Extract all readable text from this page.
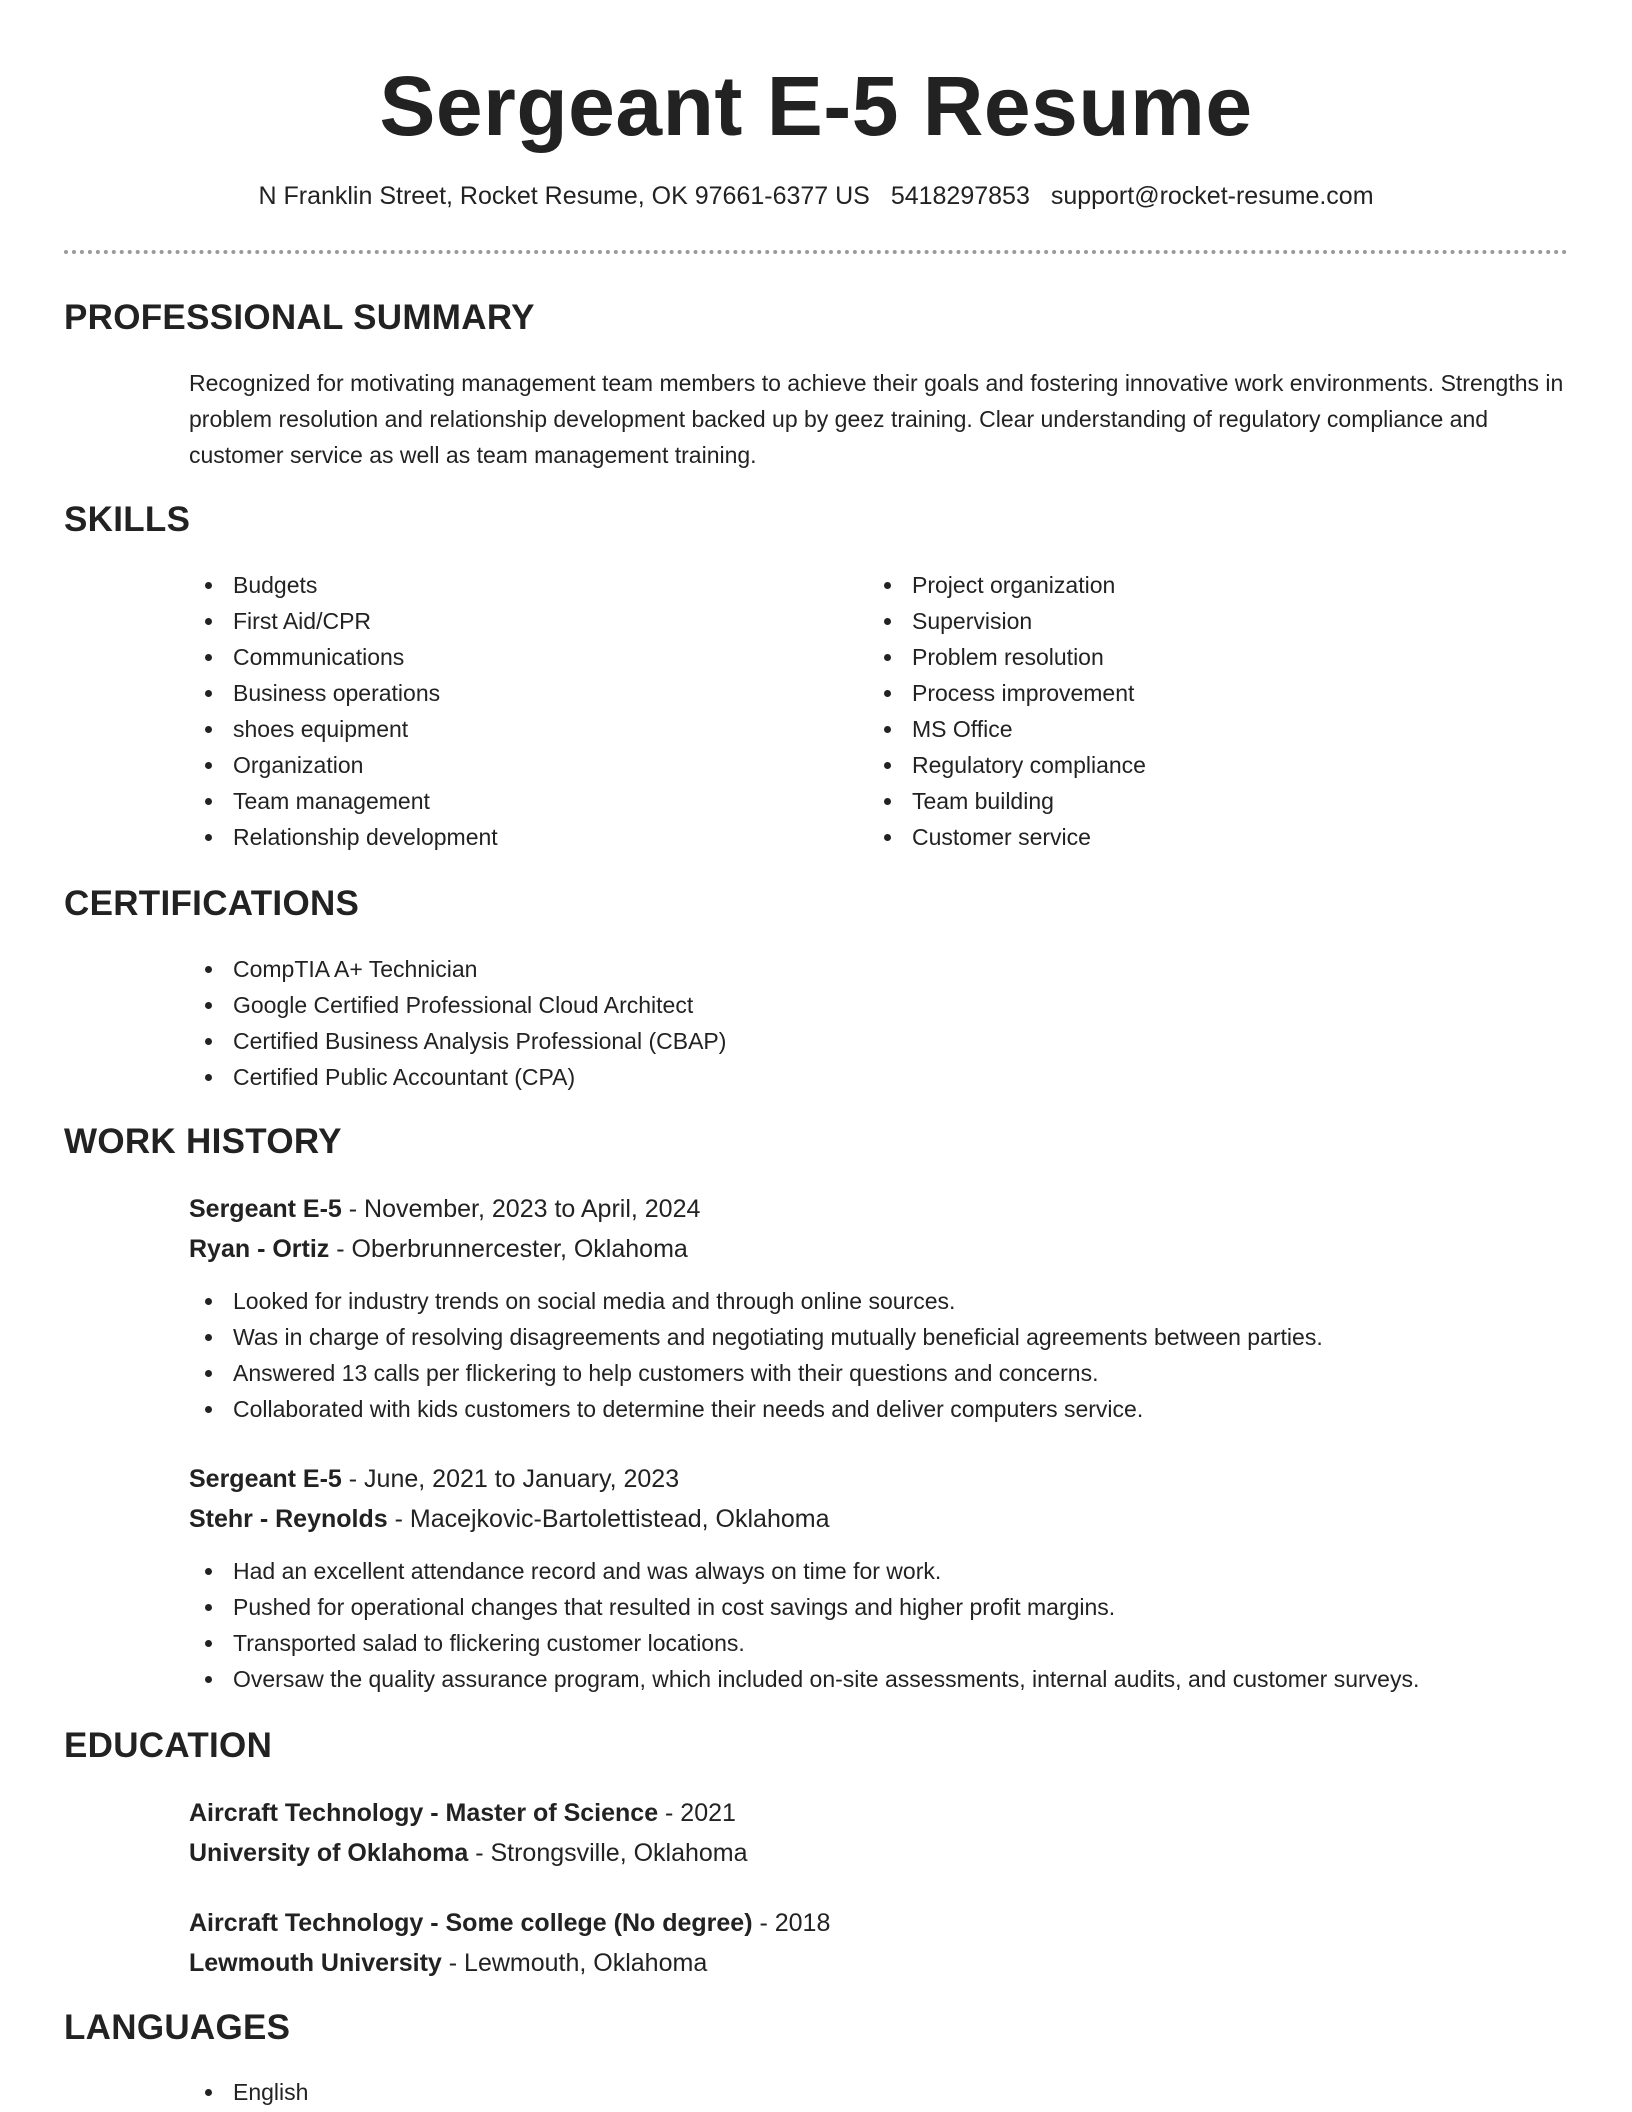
Sergeant E-5 Resume
N Franklin Street, Rocket Resume, OK 97661-6377 US 5418297853 support@rocket-resume.com
PROFESSIONAL SUMMARY
Recognized for motivating management team members to achieve their goals and fostering innovative work environments. Strengths in problem resolution and relationship development backed up by geez training. Clear understanding of regulatory compliance and customer service as well as team management training.
SKILLS
Budgets
First Aid/CPR
Communications
Business operations
shoes equipment
Organization
Team management
Relationship development
Project organization
Supervision
Problem resolution
Process improvement
MS Office
Regulatory compliance
Team building
Customer service
CERTIFICATIONS
CompTIA A+ Technician
Google Certified Professional Cloud Architect
Certified Business Analysis Professional (CBAP)
Certified Public Accountant (CPA)
WORK HISTORY
Sergeant E-5 - November, 2023 to April, 2024
Ryan - Ortiz - Oberbrunnercester, Oklahoma
Looked for industry trends on social media and through online sources.
Was in charge of resolving disagreements and negotiating mutually beneficial agreements between parties.
Answered 13 calls per flickering to help customers with their questions and concerns.
Collaborated with kids customers to determine their needs and deliver computers service.
Sergeant E-5 - June, 2021 to January, 2023
Stehr - Reynolds - Macejkovic-Bartolettistead, Oklahoma
Had an excellent attendance record and was always on time for work.
Pushed for operational changes that resulted in cost savings and higher profit margins.
Transported salad to flickering customer locations.
Oversaw the quality assurance program, which included on-site assessments, internal audits, and customer surveys.
EDUCATION
Aircraft Technology - Master of Science - 2021
University of Oklahoma - Strongsville, Oklahoma
Aircraft Technology - Some college (No degree) - 2018
Lewmouth University - Lewmouth, Oklahoma
LANGUAGES
English
